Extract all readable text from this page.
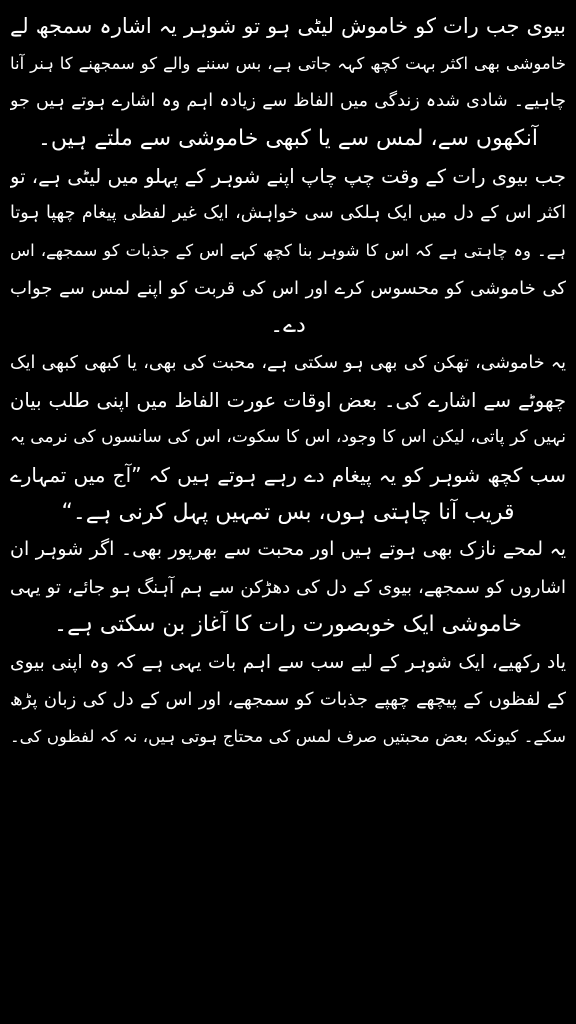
بیوی جب رات کو خاموش لیٹی ہو تو شوہر یہ اشارہ سمجھ لے
خاموشی بھی اکثر بہت کچھ کہہ جاتی ہے، بس سننے والے کو سمجھنے کا ہنر آنا
چاہیے۔ شادی شدہ زندگی میں الفاظ سے زیادہ اہم وہ اشارے ہوتے ہیں جو
آنکھوں سے، لمس سے یا کبھی خاموشی سے ملتے ہیں۔
جب بیوی رات کے وقت چپ چاپ اپنے شوہر کے پہلو میں لیٹی ہے، تو
اکثر اس کے دل میں ایک ہلکی سی خواہش، ایک غیر لفظی پیغام چھپا ہوتا
ہے۔ وہ چاہتی ہے کہ اس کا شوہر بنا کچھ کہے اس کے جذبات کو سمجھے، اس
کی خاموشی کو محسوس کرے اور اس کی قربت کو اپنے لمس سے جواب
دے۔
یہ خاموشی، تھکن کی بھی ہو سکتی ہے، محبت کی بھی، یا کبھی کبھی ایک
چھوٹے سے اشارے کی۔ بعض اوقات عورت الفاظ میں اپنی طلب بیان
نہیں کر پاتی، لیکن اس کا وجود، اس کا سکوت، اس کی سانسوں کی نرمی یہ
سب کچھ شوہر کو یہ پیغام دے رہے ہوتے ہیں کہ ”آج میں تمہارے
قریب آنا چاہتی ہوں، بس تمہیں پہل کرنی ہے۔“
یہ لمحے نازک بھی ہوتے ہیں اور محبت سے بھرپور بھی۔ اگر شوہر ان
اشاروں کو سمجھے، بیوی کے دل کی دھڑکن سے ہم آہنگ ہو جائے، تو یہی
خاموشی ایک خوبصورت رات کا آغاز بن سکتی ہے۔
یاد رکھیے، ایک شوہر کے لیے سب سے اہم بات یہی ہے کہ وہ اپنی بیوی
کے لفظوں کے پیچھے چھپے جذبات کو سمجھے، اور اس کے دل کی زبان پڑھ
سکے۔ کیونکہ بعض محبتیں صرف لمس کی محتاج ہوتی ہیں، نہ کہ لفظوں کی۔
